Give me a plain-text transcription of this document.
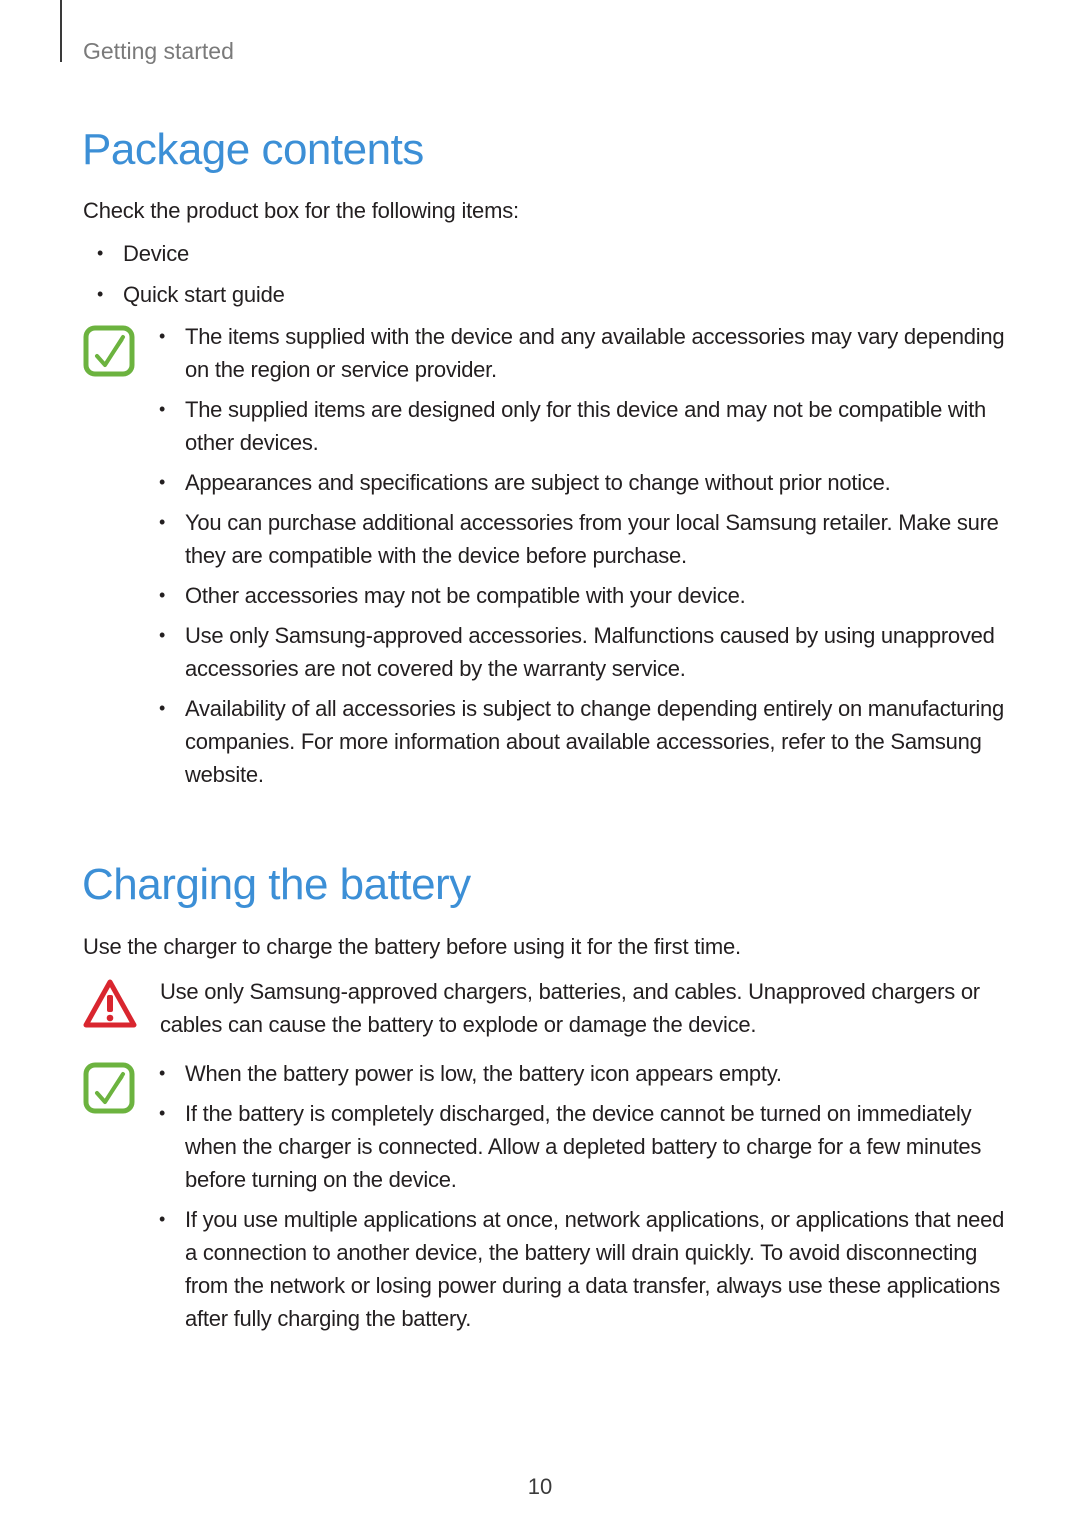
Getting started
Package contents

Check the product box for the following items:

• Device
• Quick start guide
• The items supplied with the device and any available accessories may vary depending on the region or service provider.
• The supplied items are designed only for this device and may not be compatible with other devices.
• Appearances and specifications are subject to change without prior notice.
• You can purchase additional accessories from your local Samsung retailer. Make sure they are compatible with the device before purchase.
• Other accessories may not be compatible with your device.
• Use only Samsung-approved accessories. Malfunctions caused by using unapproved accessories are not covered by the warranty service.
• Availability of all accessories is subject to change depending entirely on manufacturing companies. For more information about available accessories, refer to the Samsung website.
Charging the battery

Use the charger to charge the battery before using it for the first time.

Use only Samsung-approved chargers, batteries, and cables. Unapproved chargers or cables can cause the battery to explode or damage the device.

• When the battery power is low, the battery icon appears empty.
• If the battery is completely discharged, the device cannot be turned on immediately when the charger is connected. Allow a depleted battery to charge for a few minutes before turning on the device.
• If you use multiple applications at once, network applications, or applications that need a connection to another device, the battery will drain quickly. To avoid disconnecting from the network or losing power during a data transfer, always use these applications after fully charging the battery.
10
